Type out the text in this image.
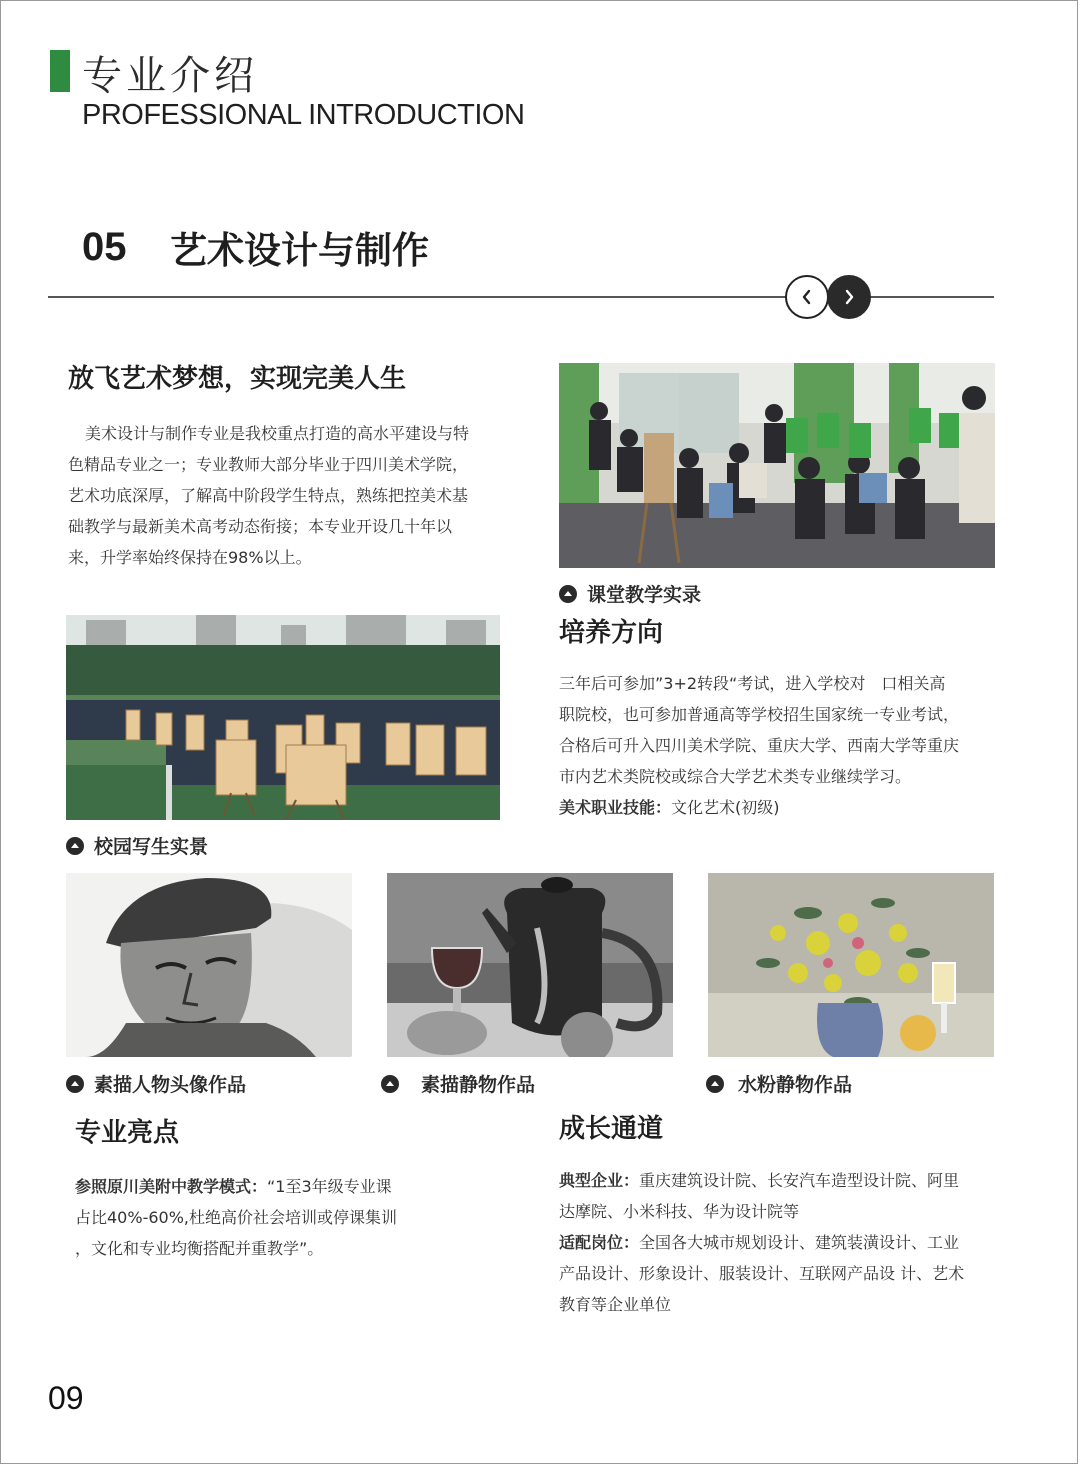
专业介绍
PROFESSIONAL INTRODUCTION
05	艺术设计与制作
放飞艺术梦想，实现完美人生
美术设计与制作专业是我校重点打造的高水平建设与特
色精品专业之一；专业教师大部分毕业于四川美术学院，
艺术功底深厚，了解高中阶段学生特点，熟练把控美术基
础教学与最新美术高考动态衔接；本专业开设几十年以
来，升学率始终保持在98%以上。
课堂教学实录
培养方向
三年后可参加”3+2转段“考试，进入学校对　口相关高
职院校，也可参加普通高等学校招生国家统一专业考试，
合格后可升入四川美术学院、重庆大学、西南大学等重庆
市内艺术类院校或综合大学艺术类专业继续学习。
美术职业技能：文化艺术(初级)
校园写生实景
素描人物头像作品	素描静物作品	水粉静物作品
专业亮点
参照原川美附中教学模式：“1至3年级专业课
占比40%-60%,杜绝高价社会培训或停课集训
，文化和专业均衡搭配并重教学”。
成长通道
典型企业：重庆建筑设计院、长安汽车造型设计院、阿里
达摩院、小米科技、华为设计院等
适配岗位：全国各大城市规划设计、建筑装潢设计、工业
产品设计、形象设计、服装设计、互联网产品设 计、艺术
教育等企业单位
09
